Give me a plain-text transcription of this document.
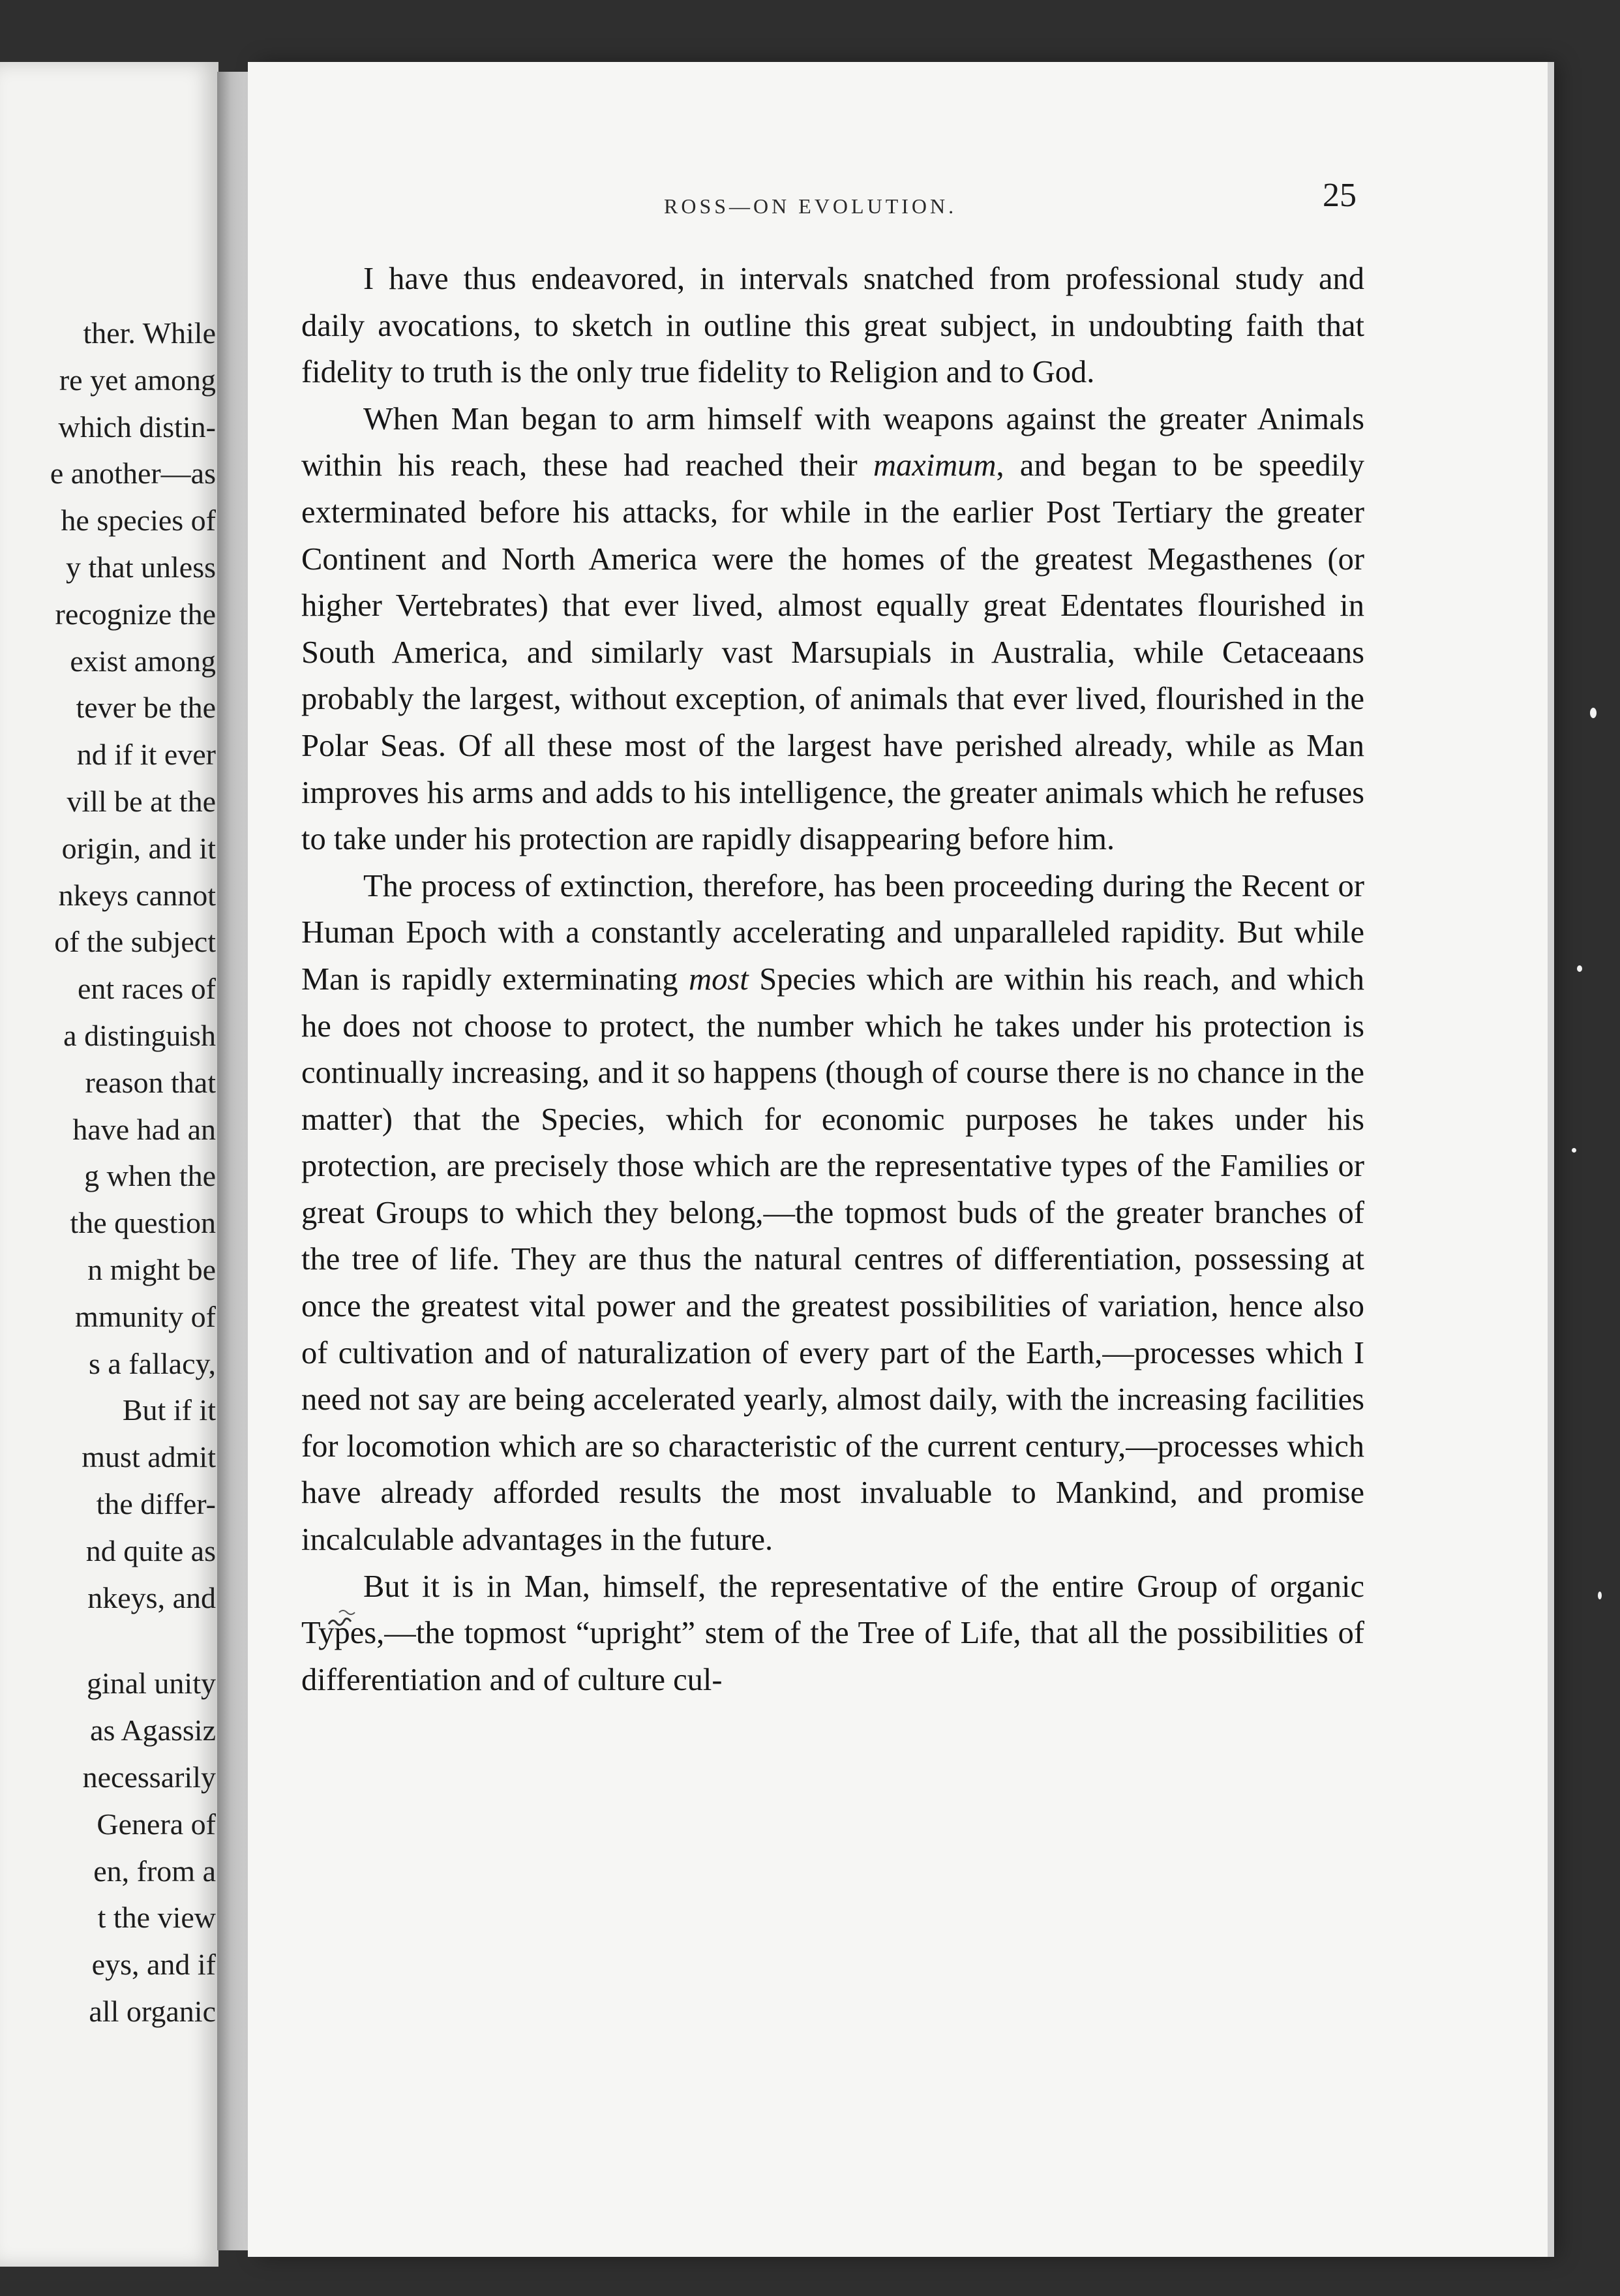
ther. While
re yet among
which distin-
e another—as
he species of
y that unless
recognize the
exist among
tever be the
nd if it ever
vill be at the
origin, and it
nkeys cannot
of the subject
ent races of
a distinguish
reason that
have had an
g when the
the question
n might be
mmunity of
s a fallacy,
But if it
must admit
the differ-
nd quite as
nkeys, and
ginal unity
as Agassiz
necessarily
Genera of
en, from a
t the view
eys, and if
all organic
ROSS—ON EVOLUTION.	25

I have thus endeavored, in intervals snatched from professional study and daily avocations, to sketch in outline this great subject, in undoubting faith that fidelity to truth is the only true fidelity to Religion and to God.

When Man began to arm himself with weapons against the greater Animals within his reach, these had reached their maximum, and began to be speedily exterminated before his attacks, for while in the earlier Post Tertiary the greater Continent and North America were the homes of the greatest Megasthenes (or higher Vertebrates) that ever lived, almost equally great Edentates flourished in South America, and similarly vast Marsupials in Australia, while Cetaceaans probably the largest, without exception, of animals that ever lived, flourished in the Polar Seas. Of all these most of the largest have perished already, while as Man improves his arms and adds to his intelligence, the greater animals which he refuses to take under his protection are rapidly disappearing before him.

The process of extinction, therefore, has been proceeding during the Recent or Human Epoch with a constantly accelerating and unparalleled rapidity. But while Man is rapidly exterminating most Species which are within his reach, and which he does not choose to protect, the number which he takes under his protection is continually increasing, and it so happens (though of course there is no chance in the matter) that the Species, which for economic purposes he takes under his protection, are precisely those which are the representative types of the Families or great Groups to which they belong,—the topmost buds of the greater branches of the tree of life. They are thus the natural centres of differentiation, possessing at once the greatest vital power and the greatest possibilities of variation, hence also of cultivation and of naturalization of every part of the Earth,—processes which I need not say are being accelerated yearly, almost daily, with the increasing facilities for locomotion which are so characteristic of the current century,—processes which have already afforded results the most invaluable to Mankind, and promise incalculable advantages in the future.

But it is in Man, himself, the representative of the entire Group of organic Types,—the topmost “upright” stem of the Tree of Life, that all the possibilities of differentiation and of culture cul-
